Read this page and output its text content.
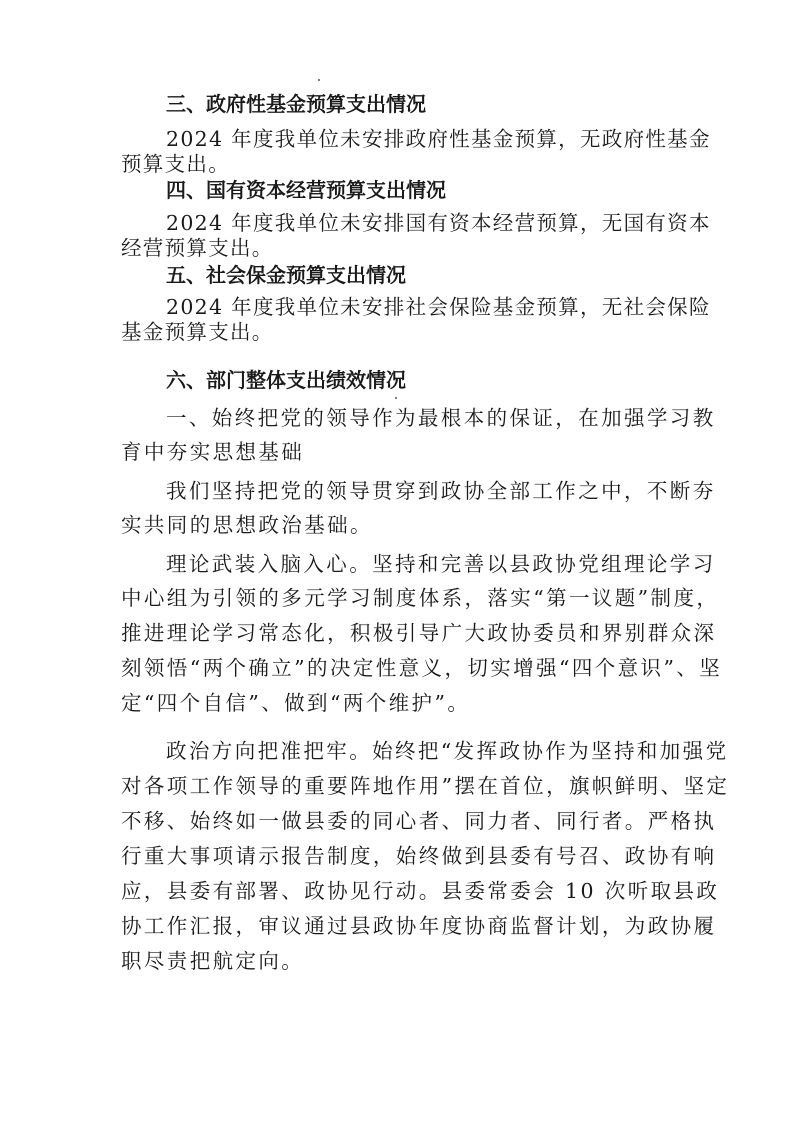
三、政府性基金预算支出情况
2024 年度我单位未安排政府性基金预算，无政府性基金
预算支出。
四、国有资本经营预算支出情况
2024 年度我单位未安排国有资本经营预算，无国有资本
经营预算支出。
五、社会保金预算支出情况
2024 年度我单位未安排社会保险基金预算，无社会保险
基金预算支出。
六、部门整体支出绩效情况
一、始终把党的领导作为最根本的保证，在加强学习教
育中夯实思想基础
我们坚持把党的领导贯穿到政协全部工作之中，不断夯
实共同的思想政治基础。
理论武装入脑入心。坚持和完善以县政协党组理论学习
中心组为引领的多元学习制度体系，落实“第一议题”制度，
推进理论学习常态化，积极引导广大政协委员和界别群众深
刻领悟“两个确立”的决定性意义，切实增强“四个意识”、坚
定“四个自信”、做到“两个维护”。
政治方向把准把牢。始终把“发挥政协作为坚持和加强党
对各项工作领导的重要阵地作用”摆在首位，旗帜鲜明、坚定
不移、始终如一做县委的同心者、同力者、同行者。严格执
行重大事项请示报告制度，始终做到县委有号召、政协有响
应，县委有部署、政协见行动。县委常委会 10 次听取县政
协工作汇报，审议通过县政协年度协商监督计划，为政协履
职尽责把航定向。
